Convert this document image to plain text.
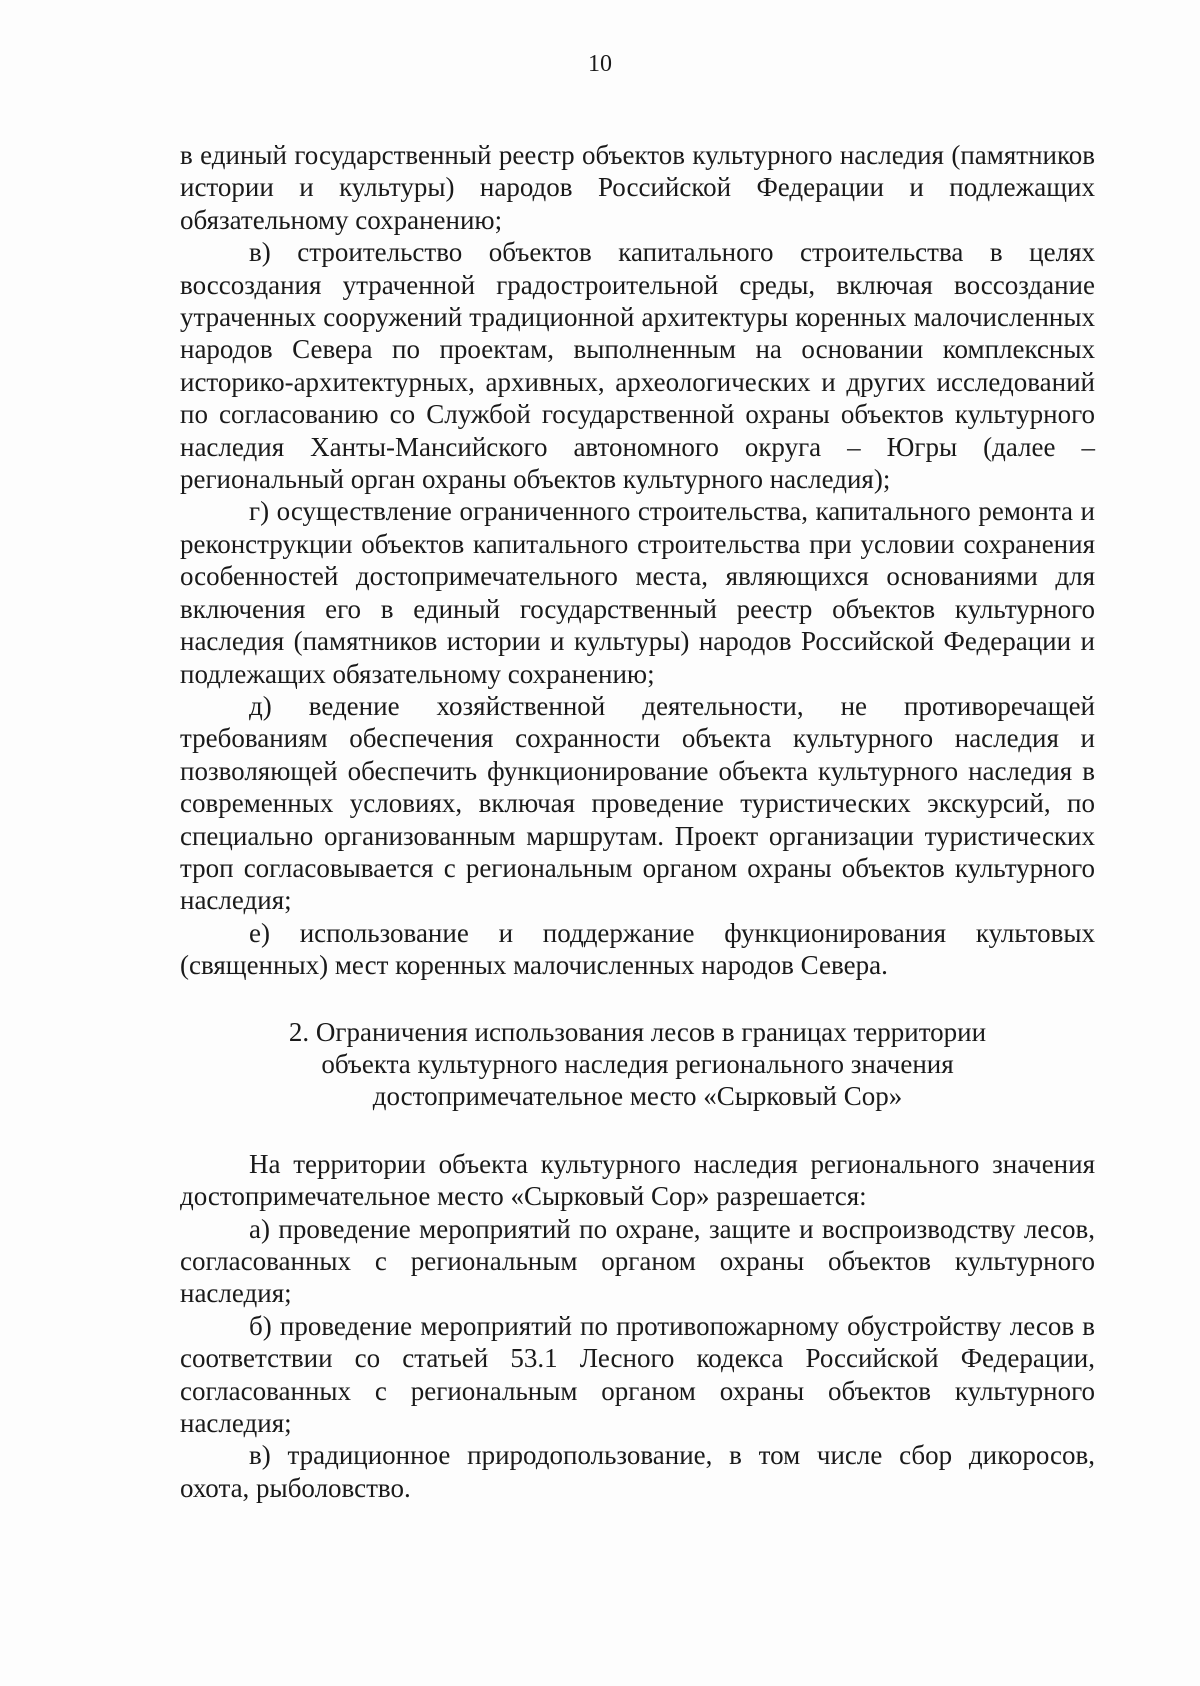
10

в единый государственный реестр объектов культурного наследия (памятников истории и культуры) народов Российской Федерации и подлежащих обязательному сохранению;

в) строительство объектов капитального строительства в целях воссоздания утраченной градостроительной среды, включая воссоздание утраченных сооружений традиционной архитектуры коренных малочисленных народов Севера по проектам, выполненным на основании комплексных историко-архитектурных, архивных, археологических и других исследований по согласованию со Службой государственной охраны объектов культурного наследия Ханты-Мансийского автономного округа – Югры (далее – региональный орган охраны объектов культурного наследия);

г) осуществление ограниченного строительства, капитального ремонта и реконструкции объектов капитального строительства при условии сохранения особенностей достопримечательного места, являющихся основаниями для включения его в единый государственный реестр объектов культурного наследия (памятников истории и культуры) народов Российской Федерации и подлежащих обязательному сохранению;

д) ведение хозяйственной деятельности, не противоречащей требованиям обеспечения сохранности объекта культурного наследия и позволяющей обеспечить функционирование объекта культурного наследия в современных условиях, включая проведение туристических экскурсий, по специально организованным маршрутам. Проект организации туристических троп согласовывается с региональным органом охраны объектов культурного наследия;

е) использование и поддержание функционирования культовых (священных) мест коренных малочисленных народов Севера.

2. Ограничения использования лесов в границах территории
объекта культурного наследия регионального значения
достопримечательное место «Сырковый Сор»

На территории объекта культурного наследия регионального значения достопримечательное место «Сырковый Сор» разрешается:

а) проведение мероприятий по охране, защите и воспроизводству лесов, согласованных с региональным органом охраны объектов культурного наследия;

б) проведение мероприятий по противопожарному обустройству лесов в соответствии со статьей 53.1 Лесного кодекса Российской Федерации, согласованных с региональным органом охраны объектов культурного наследия;

в) традиционное природопользование, в том числе сбор дикоросов, охота, рыболовство.
